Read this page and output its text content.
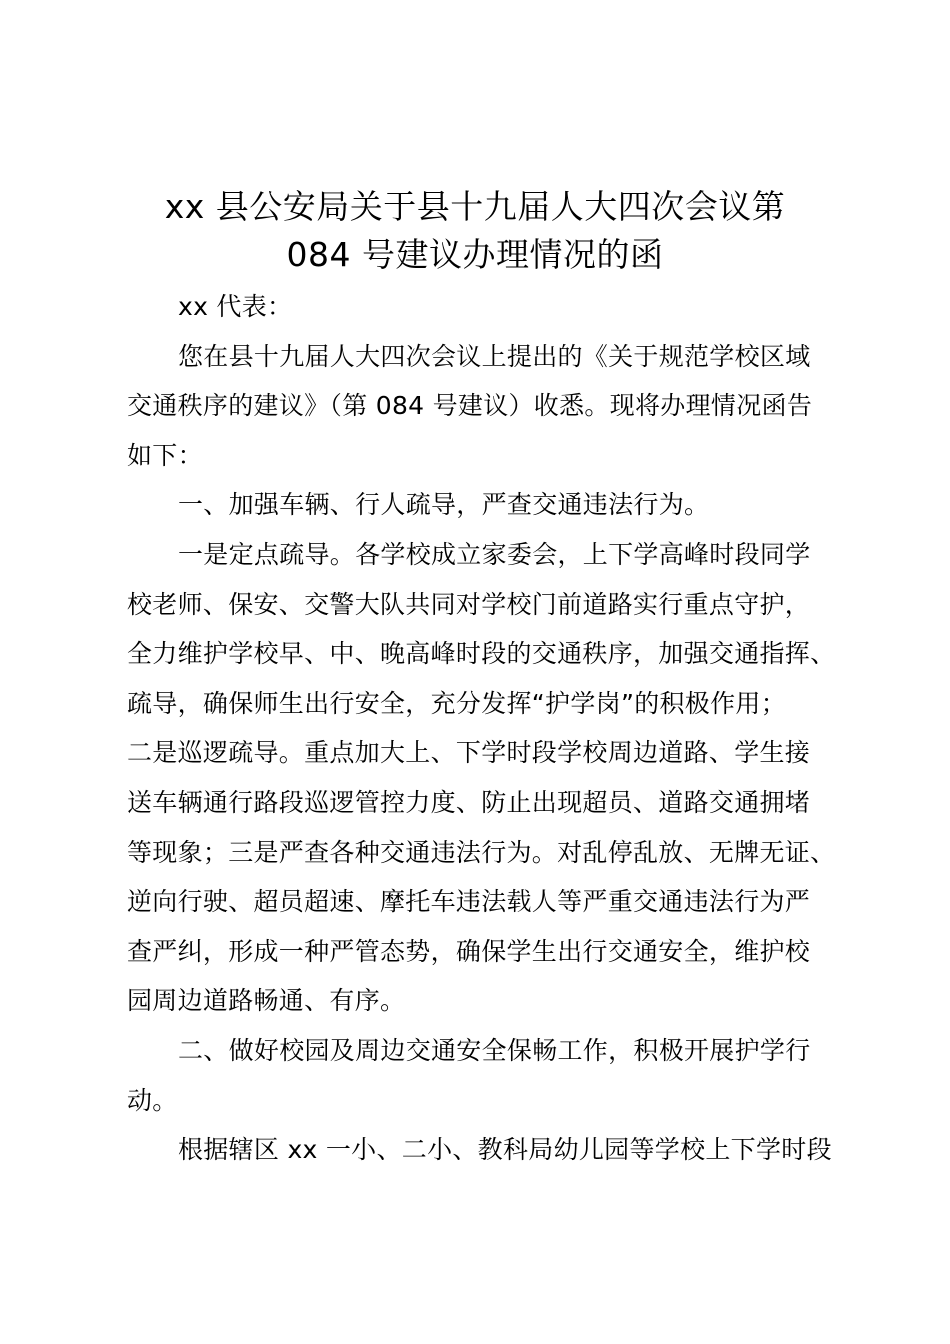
xx 县公安局关于县十九届人大四次会议第
084 号建议办理情况的函
xx 代表：
您在县十九届人大四次会议上提出的《关于规范学校区域
交通秩序的建议》（第 084 号建议）收悉。现将办理情况函告
如下：
一、加强车辆、行人疏导，严查交通违法行为。
一是定点疏导。各学校成立家委会，上下学高峰时段同学
校老师、保安、交警大队共同对学校门前道路实行重点守护，
全力维护学校早、中、晚高峰时段的交通秩序，加强交通指挥、
疏导，确保师生出行安全，充分发挥“护学岗”的积极作用；
二是巡逻疏导。重点加大上、下学时段学校周边道路、学生接
送车辆通行路段巡逻管控力度、防止出现超员、道路交通拥堵
等现象；三是严查各种交通违法行为。对乱停乱放、无牌无证、
逆向行驶、超员超速、摩托车违法载人等严重交通违法行为严
查严纠，形成一种严管态势，确保学生出行交通安全，维护校
园周边道路畅通、有序。
二、做好校园及周边交通安全保畅工作，积极开展护学行
动。
根据辖区 xx 一小、二小、教科局幼儿园等学校上下学时段
